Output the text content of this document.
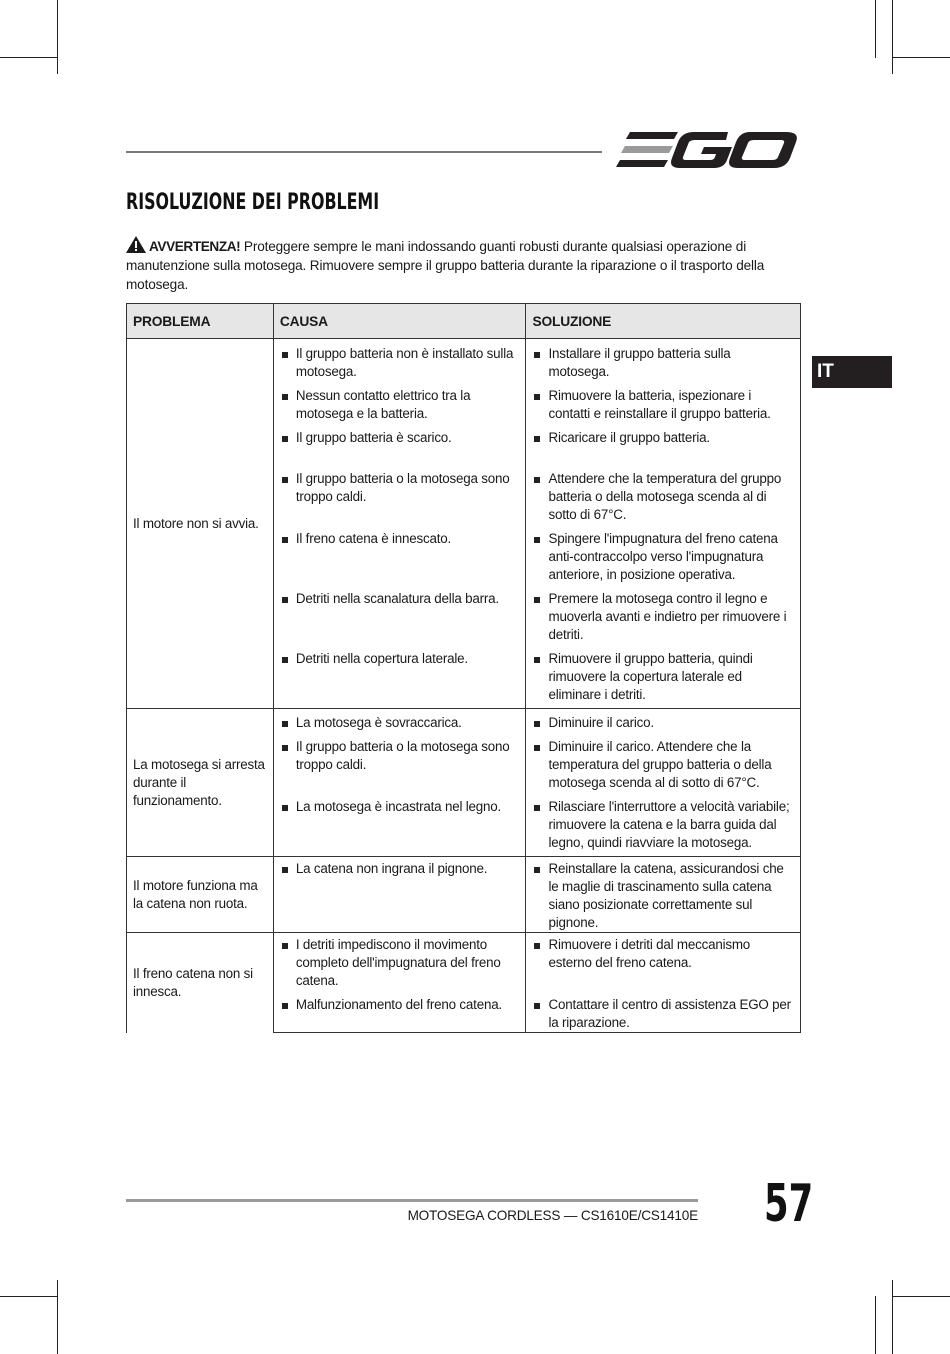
RISOLUZIONE DEI PROBLEMI
AVVERTENZA! Proteggere sempre le mani indossando guanti robusti durante qualsiasi operazione di manutenzione sulla motosega. Rimuovere sempre il gruppo batteria durante la riparazione o il trasporto della motosega.
IT
PROBLEMA	CAUSA	SOLUZIONE
Il motore non si avvia.	Il gruppo batteria non è installato sulla motosega.	Installare il gruppo batteria sulla motosega.

	Nessun contatto elettrico tra la motosega e la batteria.	Rimuovere la batteria, ispezionare i contatti e reinstallare il gruppo batteria.

	Il gruppo batteria è scarico.	Ricaricare il gruppo batteria.

	Il gruppo batteria o la motosega sono troppo caldi.	Attendere che la temperatura del gruppo batteria o della motosega scenda al di sotto di 67°C.

	Il freno catena è innescato.	Spingere l'impugnatura del freno catena anti-contraccolpo verso l'impugnatura anteriore, in posizione operativa.

	Detriti nella scanalatura della barra.	Premere la motosega contro il legno e muoverla avanti e indietro per rimuovere i detriti.

	Detriti nella copertura laterale.	Rimuovere il gruppo batteria, quindi rimuovere la copertura laterale ed eliminare i detriti.

La motosega si arresta durante il funzionamento.	La motosega è sovraccarica.	Diminuire il carico.

	Il gruppo batteria o la motosega sono troppo caldi.	Diminuire il carico. Attendere che la temperatura del gruppo batteria o della motosega scenda al di sotto di 67°C.

	La motosega è incastrata nel legno.	Rilasciare l'interruttore a velocità variabile; rimuovere la catena e la barra guida dal legno, quindi riavviare la motosega.

Il motore funziona ma la catena non ruota.	La catena non ingrana il pignone.	Reinstallare la catena, assicurandosi che le maglie di trascinamento sulla catena siano posizionate correttamente sul pignone.

Il freno catena non si innesca.	I detriti impediscono il movimento completo dell'impugnatura del freno catena.	Rimuovere i detriti dal meccanismo esterno del freno catena.

	Malfunzionamento del freno catena.	Contattare il centro di assistenza EGO per la riparazione.
MOTOSEGA CORDLESS — CS1610E/CS1410E 57
